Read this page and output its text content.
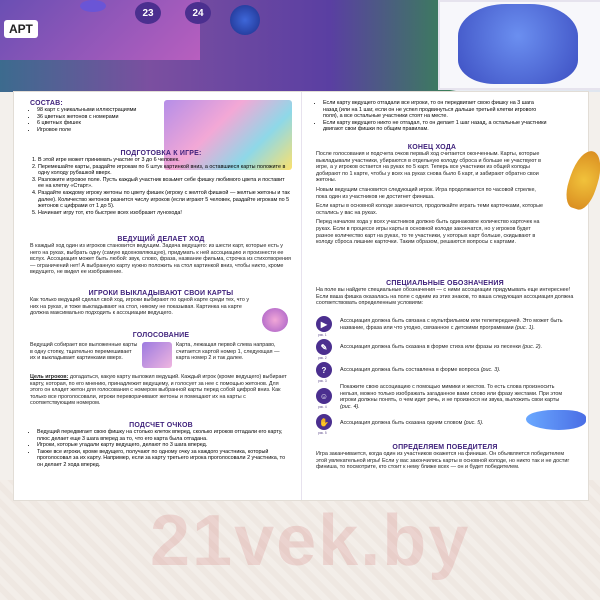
АРТ
23	24
СОСТАВ:
• 98 карт с уникальными иллюстрациями
• 36 цветных жетонов с номерами
• 6 цветных фишек
• Игровое поле
ПОДГОТОВКА К ИГРЕ:
1. В этой игре может принимать участие от 3 до 6 человек.
2. Перемешайте карты, раздайте игрокам по 6 штук картинкой вниз, а оставшиеся карты положите в одну колоду рубашкой вверх.
3. Разложите игровое поле. Пусть каждый участник возьмет себе фишку любимого цвета и поставит ее на клетку «Старт».
4. Раздайте каждому игроку жетоны по цвету фишек (игроку с желтой фишкой — желтые жетоны и так далее). Количество жетонов разнится числу игроков (если играют 5 человек, раздайте игрокам по 5 жетонов с цифрами от 1 до 5).
5. Начинает игру тот, кто быстрее всех изобразит лунохода!
ВЕДУЩИЙ ДЕЛАЕТ ХОД
В каждый ход один из игроков становится ведущим. Задача ведущего: из шести карт, которые есть у него на руках, выбрать одну (самую вдохновляющую), придумать к ней ассоциацию и произнести ее вслух. Ассоциация может быть любой: звук, слово, фраза, название фильма, строчка из стихотворения — ограничений нет! А выбранную карту нужно положить на стол картинкой вниз, чтобы никто, кроме ведущего, не видел ее изображение.
ИГРОКИ ВЫКЛАДЫВАЮТ СВОИ КАРТЫ
Как только ведущий сделал свой ход, игроки выбирают по одной карте среди тех, что у них на руках, и тоже выкладывают на стол, никому не показывая. Картинка на карте должна максимально подходить к ассоциации ведущего.
ГОЛОСОВАНИЕ
Ведущий собирает все выложенные карты в одну стопку, тщательно перемешивает их и выкладывает картинками вверх.
Карта, лежащая первой слева направо, считается картой номер 1, следующая — карта номер 2 и так далее.
Цель игроков: догадаться, какую карту выложил ведущий. Каждый игрок (кроме ведущего) выбирает карту, которая, по его мнению, принадлежит ведущему, и голосует за нее с помощью жетонов. Для этого он кладет жетон для голосования с номером выбранной карты перед собой цифрой вниз. Как только все проголосовали, игроки переворачивают жетоны и помещают их на карты с соответствующим номером.
ПОДСЧЕТ ОЧКОВ
• Ведущий передвигает свою фишку на столько клеток вперед, сколько игроков отгадали его карту, плюс делает еще 3 шага вперед за то, что его карта была отгадана.
• Игроки, которые угадали карту ведущего, делают по 3 шага вперед.
• Также все игроки, кроме ведущего, получают по одному очку за каждого участника, который проголосовал за их карту. Например, если за карту третьего игрока проголосовали 2 участника, то он делает 2 хода вперед.
• Если карту ведущего отгадали все игроки, то он передвигает свою фишку на 3 шага назад (или на 1 шаг, если он не успел продвинуться дальше третьей клетки игрового поля), а все остальные участники стоят на месте.
• Если карту ведущего никто не отгадал, то он делает 1 шаг назад, а остальные участники двигают свои фишки по общим правилам.
КОНЕЦ ХОДА
После голосования и подсчета очков первый ход считается оконченным. Карты, которые выкладывали участники, убираются в отдельную колоду сброса и больше не участвуют в игре, а у игроков остается на руках по 5 карт. Теперь все участники из общей колоды добирают по 1 карте, чтобы у всех на руках снова было 6 карт, и забирают обратно свои жетоны.
Новым ведущим становится следующий игрок. Игра продолжается по часовой стрелке, пока один из участников не достигнет финиша.
Если карты в основной колоде закончатся, продолжайте играть теми карточками, которые остались у вас на руках.
Перед началом хода у всех участников должно быть одинаковое количество карточек на руках. Если в процессе игры карты в основной колоде закончатся, но у игроков будет разное количество карт на руках, то те участники, у которых карт больше, скидывают в колоду сброса лишние карточки. Таким образом, решаются вопросы с картами.
СПЕЦИАЛЬНЫЕ ОБОЗНАЧЕНИЯ
На поле вы найдете специальные обозначения — с ними ассоциации придумывать еще интереснее! Если ваша фишка оказалась на поле с одним из этих знаков, то ваша следующая ассоциация должна соответствовать определенным условиям:
▶
рис. 1
Ассоциация должна быть связана с мультфильмом или телепередачей. Это может быть название, фраза или что угодно, связанное с детскими программами (рис. 1).
✎
рис. 2
Ассоциация должна быть сказана в форме стиха или фразы из песенки (рис. 2).
?
рис. 3
Ассоциация должна быть составлена в форме вопроса (рис. 3).
☺
рис. 4
Покажите свою ассоциацию с помощью мимики и жестов. То есть слова произносить нельзя, можно только изображать загаданное вами слово или фразу жестами. При этом игроки должны понять, о чем идет речь, и не произнося ни звука, выложить свои карты (рис. 4).
✋
рис. 5
Ассоциация должна быть сказана одним словом (рис. 5).
ОПРЕДЕЛЯЕМ ПОБЕДИТЕЛЯ
Игра заканчивается, когда один из участников окажется на финише. Он объявляется победителем этой увлекательной игры! Если у вас закончились карты в основной колоде, но никто так и не достиг финиша, то посмотрите, кто стоит к нему ближе всех — он и будет победителем.
21vek.by
